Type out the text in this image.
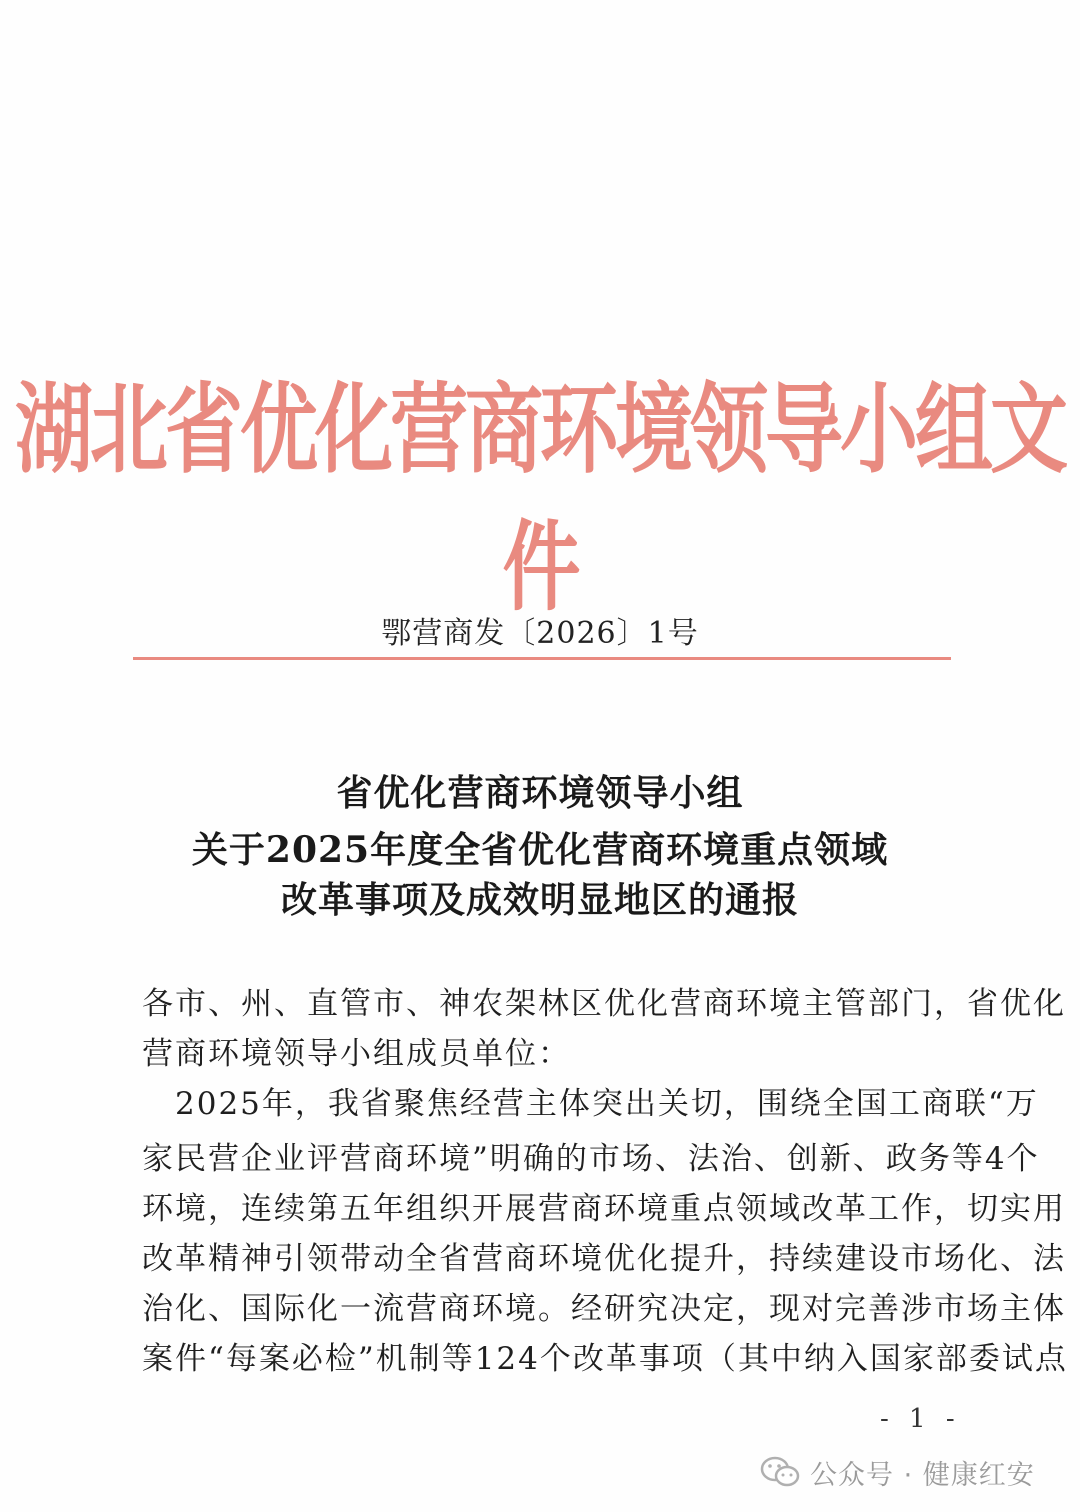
湖北省优化营商环境领导小组文件
鄂营商发〔2026〕1号
省优化营商环境领导小组
关于2025年度全省优化营商环境重点领域
改革事项及成效明显地区的通报
各市、州、直管市、神农架林区优化营商环境主管部门，省优化
营商环境领导小组成员单位：
　2025年，我省聚焦经营主体突出关切，围绕全国工商联“万
家民营企业评营商环境”明确的市场、法治、创新、政务等4个
环境，连续第五年组织开展营商环境重点领域改革工作，切实用
改革精神引领带动全省营商环境优化提升，持续建设市场化、法
治化、国际化一流营商环境。经研究决定，现对完善涉市场主体
案件“每案必检”机制等124个改革事项（其中纳入国家部委试点
- 1 -
公众号 · 健康红安
